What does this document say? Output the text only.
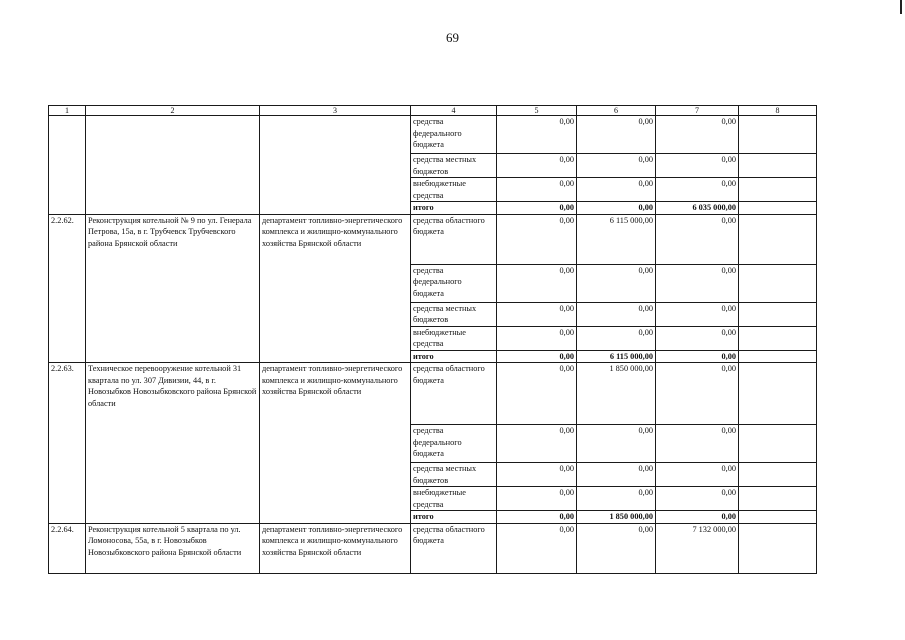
69
1	2	3	4	5	6	7	8
			средства федерального бюджета	0,00	0,00	0,00	
			средства местных бюджетов	0,00	0,00	0,00	
			внебюджетные средства	0,00	0,00	0,00	
			итого	0,00	0,00	6 035 000,00	
2.2.62.	Реконструкция котельной № 9 по ул. Генерала Петрова, 15а, в г. Трубчевск Трубчевского района Брянской области	департамент топливно-энергетического комплекса и жилищно-коммунального хозяйства Брянской области	средства областного бюджета	0,00	6 115 000,00	0,00	
			средства федерального бюджета	0,00	0,00	0,00	
			средства местных бюджетов	0,00	0,00	0,00	
			внебюджетные средства	0,00	0,00	0,00	
			итого	0,00	6 115 000,00	0,00	
2.2.63.	Техническое перевооружение котельной 31 квартала по ул. 307 Дивизии, 44, в г. Новозыбков Новозыбковского района Брянской области	департамент топливно-энергетического комплекса и жилищно-коммунального хозяйства Брянской области	средства областного бюджета	0,00	1 850 000,00	0,00	
			средства федерального бюджета	0,00	0,00	0,00	
			средства местных бюджетов	0,00	0,00	0,00	
			внебюджетные средства	0,00	0,00	0,00	
			итого	0,00	1 850 000,00	0,00	
2.2.64.	Реконструкция котельной 5 квартала по ул. Ломоносова, 55а, в г. Новозыбков Новозыбковского района Брянской области	департамент топливно-энергетического комплекса и жилищно-коммунального хозяйства Брянской области	средства областного бюджета	0,00	0,00	7 132 000,00	
